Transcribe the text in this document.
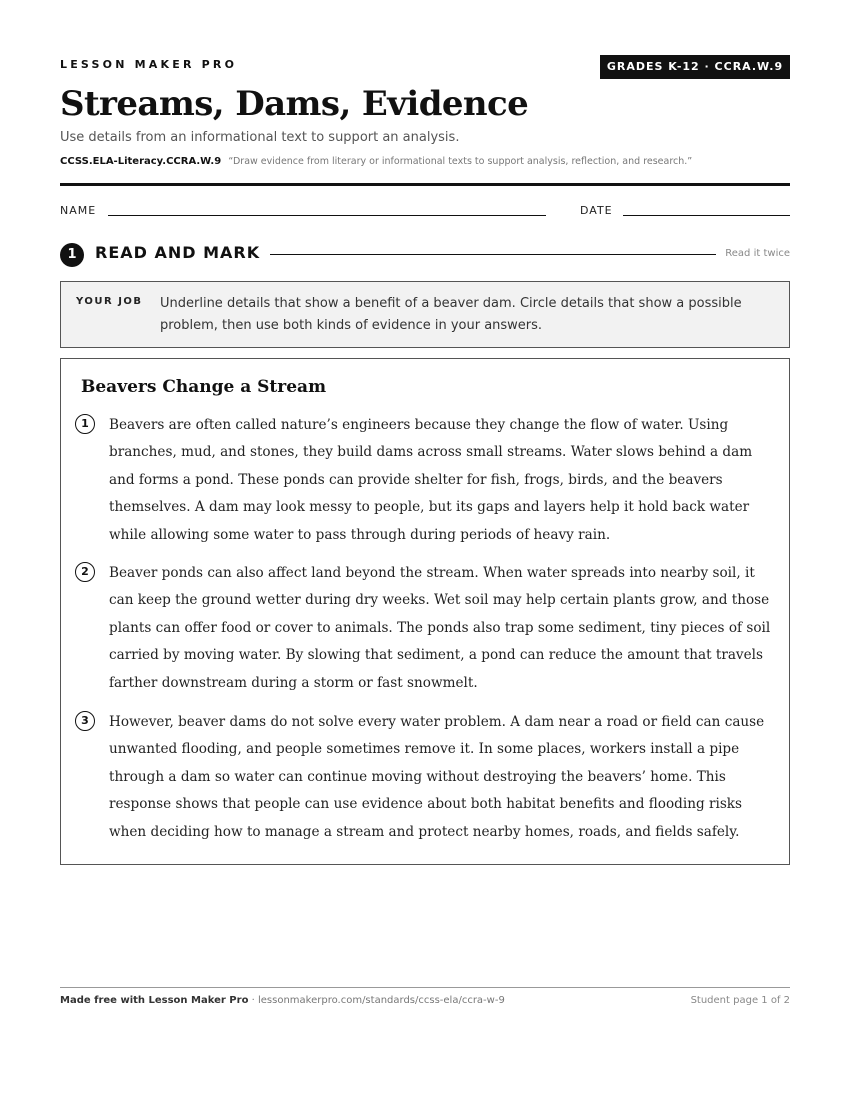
LESSON MAKER PRO	GRADES K-12 · CCRA.W.9
Streams, Dams, Evidence
Use details from an informational text to support an analysis.
CCSS.ELA-Literacy.CCRA.W.9 “Draw evidence from literary or informational texts to support analysis, reflection, and research.”
NAME	DATE
1	READ AND MARK	Read it twice
YOUR JOB Underline details that show a benefit of a beaver dam. Circle details that show a possible problem, then use both kinds of evidence in your answers.

Beavers Change a Stream
1	Beavers are often called nature’s engineers because they change the flow of water. Using branches, mud, and stones, they build dams across small streams. Water slows behind a dam and forms a pond. These ponds can provide shelter for fish, frogs, birds, and the beavers themselves. A dam may look messy to people, but its gaps and layers help it hold back water while allowing some water to pass through during periods of heavy rain.

2	Beaver ponds can also affect land beyond the stream. When water spreads into nearby soil, it can keep the ground wetter during dry weeks. Wet soil may help certain plants grow, and those plants can offer food or cover to animals. The ponds also trap some sediment, tiny pieces of soil carried by moving water. By slowing that sediment, a pond can reduce the amount that travels farther downstream during a storm or fast snowmelt.

3	However, beaver dams do not solve every water problem. A dam near a road or field can cause unwanted flooding, and people sometimes remove it. In some places, workers install a pipe through a dam so water can continue moving without destroying the beavers’ home. This response shows that people can use evidence about both habitat benefits and flooding risks when deciding how to manage a stream and protect nearby homes, roads, and fields safely.

Made free with Lesson Maker Pro · lessonmakerpro.com/standards/ccss-ela/ccra-w-9	Student page 1 of 2
